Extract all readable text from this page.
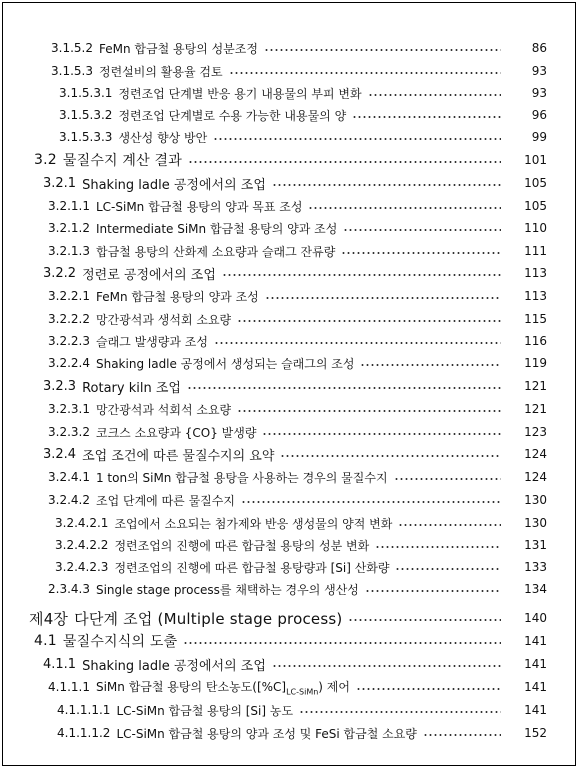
3.1.5.2 FeMn 합금철 용탕의 성분조정	86
3.1.5.3 정련설비의 활용율 검토	93
3.1.5.3.1 정련조업 단계별 반응 용기 내용물의 부피 변화	93
3.1.5.3.2 정련조업 단계별로 수용 가능한 내용물의 양	96
3.1.5.3.3 생산성 향상 방안	99
3.2 물질수지 계산 결과	101
3.2.1 Shaking ladle 공정에서의 조업	105
3.2.1.1 LC-SiMn 합금철 용탕의 양과 목표 조성	105
3.2.1.2 Intermediate SiMn 합금철 용탕의 양과 조성	110
3.2.1.3 합금철 용탕의 산화제 소요량과 슬래그 잔류량	111
3.2.2 정련로 공정에서의 조업	113
3.2.2.1 FeMn 합금철 용탕의 양과 조성	113
3.2.2.2 망간광석과 생석회 소요량	115
3.2.2.3 슬래그 발생량과 조성	116
3.2.2.4 Shaking ladle 공정에서 생성되는 슬래그의 조성	119
3.2.3 Rotary kiln 조업	121
3.2.3.1 망간광석과 석회석 소요량	121
3.2.3.2 코크스 소요량과 {CO} 발생량	123
3.2.4 조업 조건에 따른 물질수지의 요약	124
3.2.4.1 1 ton의 SiMn 합금철 용탕을 사용하는 경우의 물질수지	124
3.2.4.2 조업 단계에 따른 물질수지	130
3.2.4.2.1 조업에서 소요되는 첨가제와 반응 생성물의 양적 변화	130
3.2.4.2.2 정련조업의 진행에 따른 합금철 용탕의 성분 변화	131
3.2.4.2.3 정련조업의 진행에 따른 합금철 용탕량과 [Si] 산화량	133
2.3.4.3 Single stage process를 채택하는 경우의 생산성	134
제4장 다단계 조업 (Multiple stage process)	140
4.1 물질수지식의 도출	141
4.1.1 Shaking ladle 공정에서의 조업	141
4.1.1.1 SiMn 합금철 용탕의 탄소농도$([\%C]_{LC-SiMn})$ 제어	141
4.1.1.1.1 LC-SiMn 합금철 용탕의 [Si] 농도	141
4.1.1.1.2 LC-SiMn 합금철 용탕의 양과 조성 및 FeSi 합금철 소요량	152
